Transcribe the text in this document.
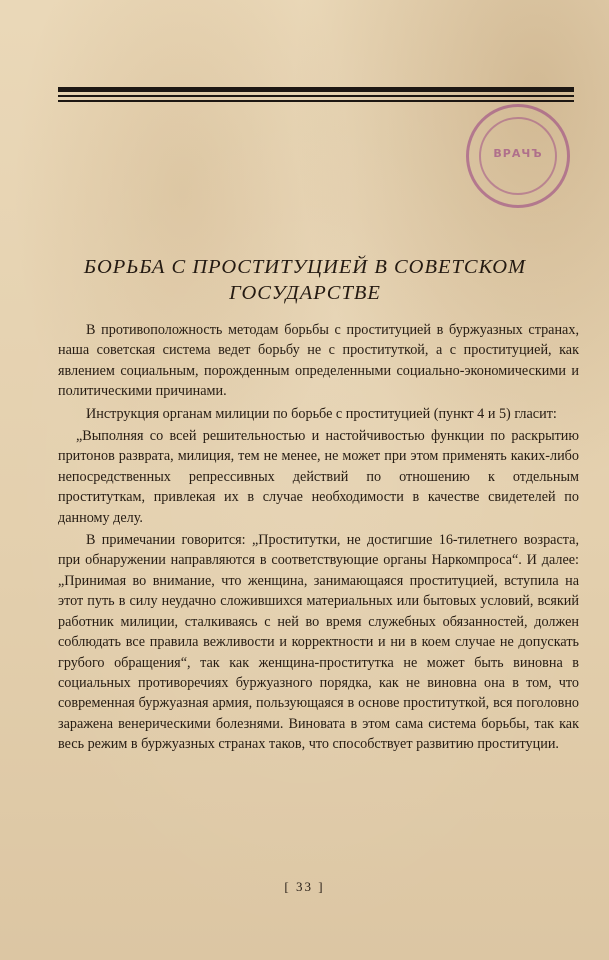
ВРАЧЪ
БОРЬБА С ПРОСТИТУЦИЕЙ В СОВЕТСКОМ
ГОСУДАРСТВЕ

В противоположность методам борьбы с проституцией в буржуазных странах, наша советская система ведет борьбу не с проституткой, а с проституцией, как явлением социальным, порожденным определенными социально-экономическими и политическими причинами.

Инструкция органам милиции по борьбе с проституцией (пункт 4 и 5) гласит:

„Выполняя со всей решительностью и настойчивостью функции по раскрытию притонов разврата, милиция, тем не менее, не может при этом применять каких-либо непосредственных репрессивных действий по отношению к отдельным проституткам, привлекая их в случае необходимости в качестве свидетелей по данному делу.

В примечании говорится: „Проститутки, не достигшие 16-тилетнего возраста, при обнаружении направляются в соответствующие органы Наркомпроса“. И далее: „Принимая во внимание, что женщина, занимающаяся проституцией, вступила на этот путь в силу неудачно сложившихся материальных или бытовых условий, всякий работник милиции, сталкиваясь с ней во время служебных обязанностей, должен соблюдать все правила вежливости и корректности и ни в коем случае не допускать грубого обращения“, так как женщина-проститутка не может быть виновна в социальных противоречиях буржуазного порядка, как не виновна она в том, что современная буржуазная армия, пользующаяся в основе проституткой, вся поголовно заражена венерическими болезнями. Виновата в этом сама система борьбы, так как весь режим в буржуазных странах таков, что способствует развитию проституции.

[ 33 ]
